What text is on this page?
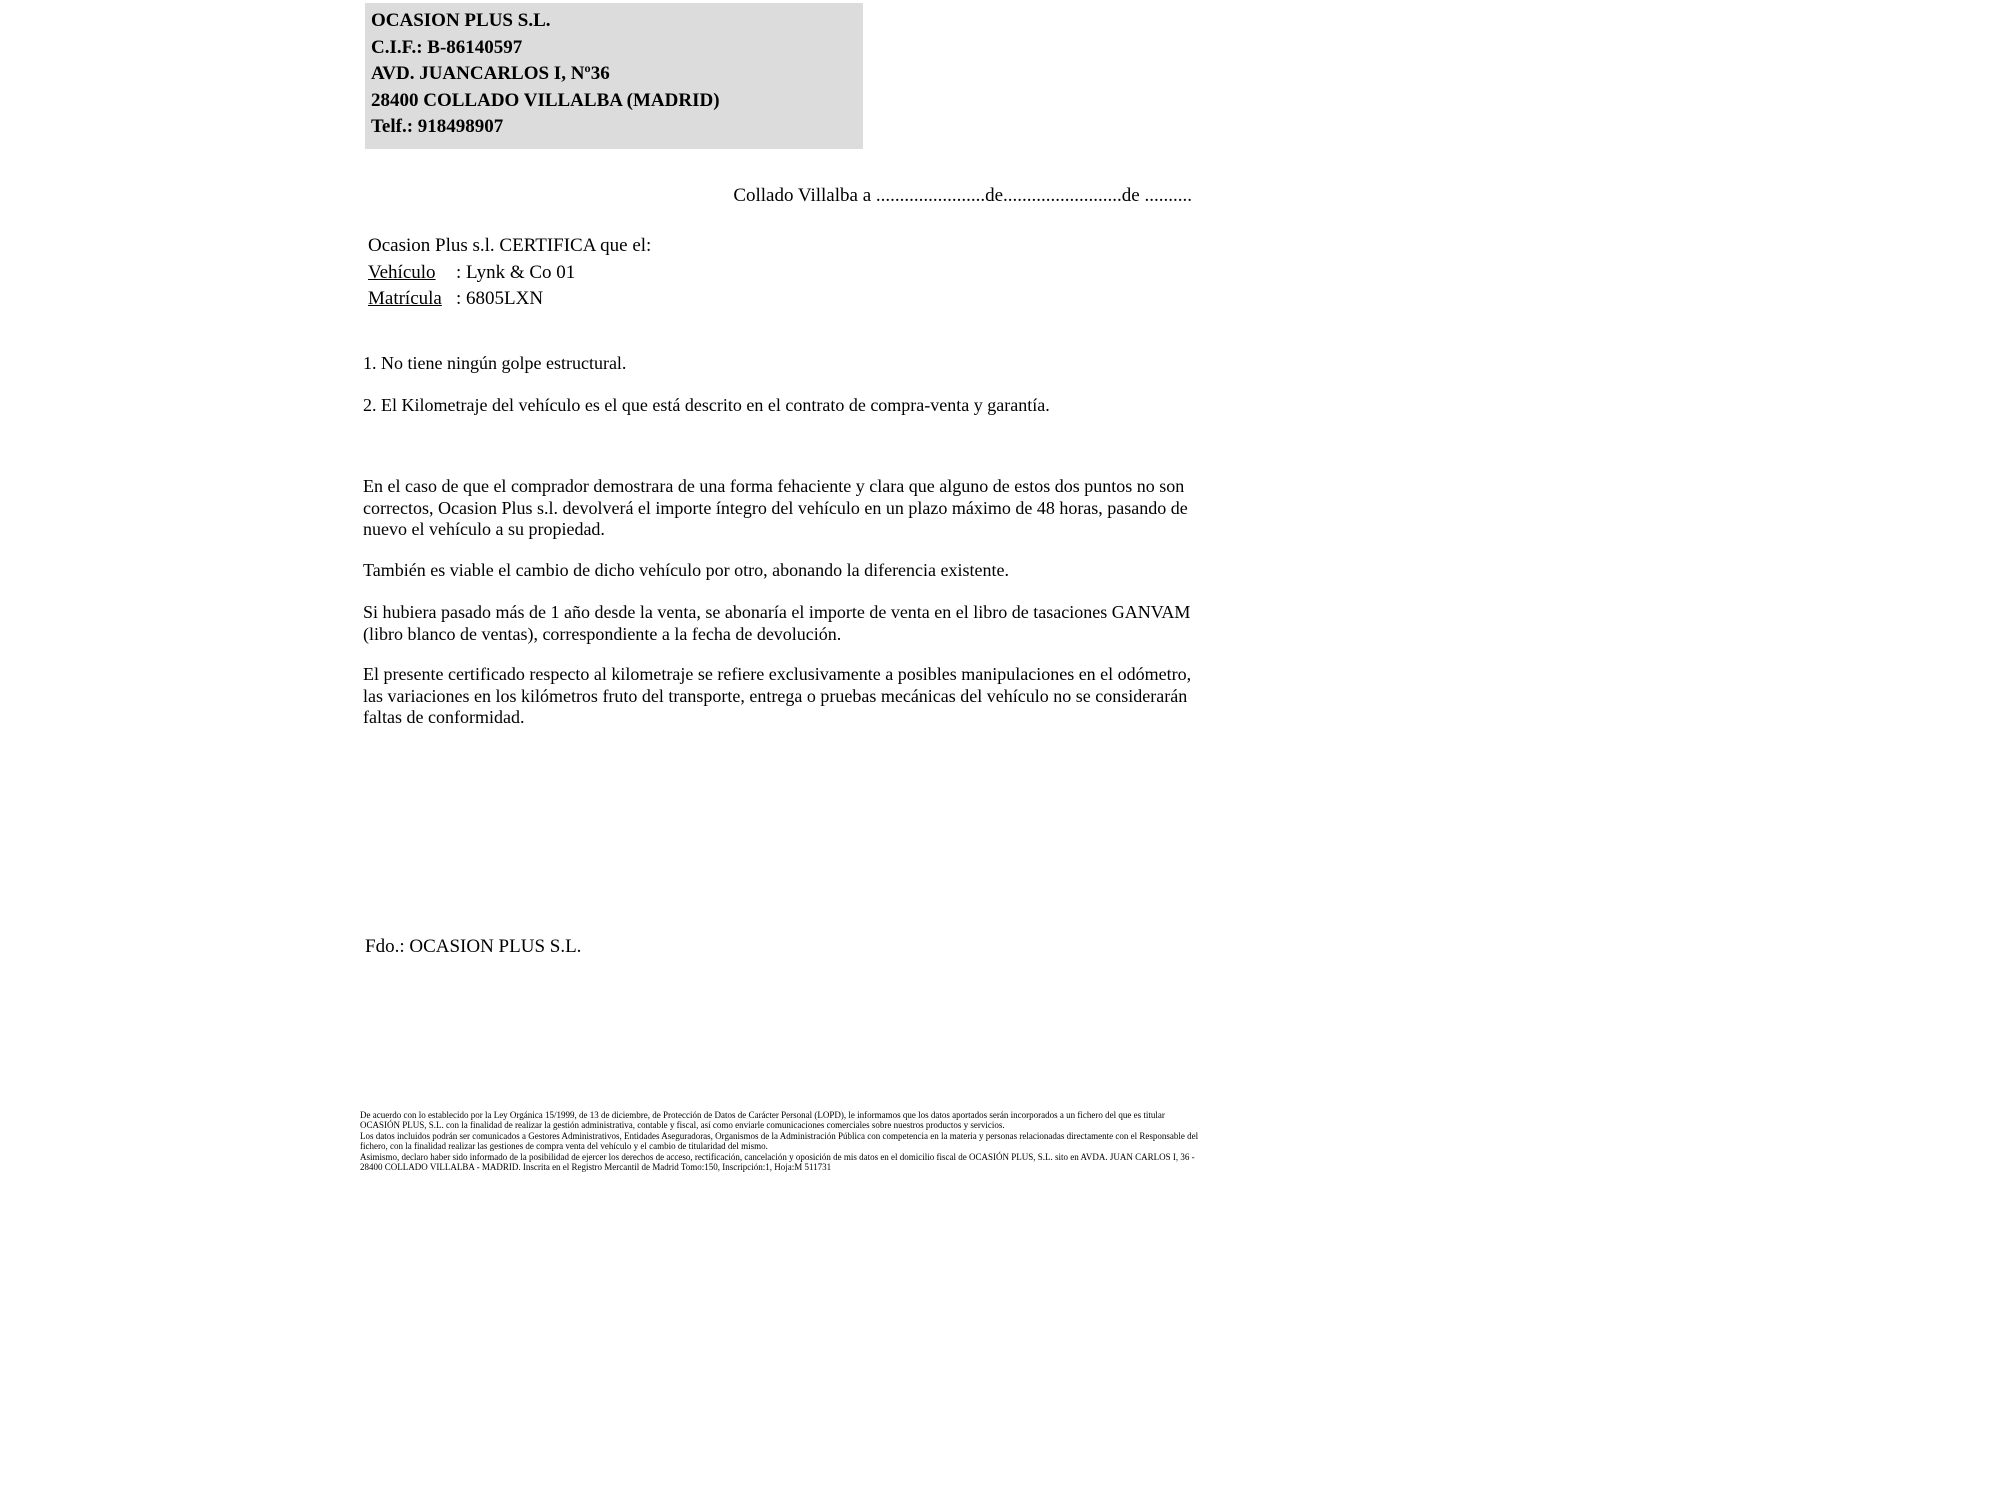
OCASION PLUS S.L.
C.I.F.: B-86140597
AVD. JUANCARLOS I, Nº36
28400 COLLADO VILLALBA (MADRID)
Telf.: 918498907
Collado Villalba a .......................de.........................de ..........
Ocasion Plus s.l. CERTIFICA que el:
Vehículo : Lynk & Co 01
Matrícula : 6805LXN
1. No tiene ningún golpe estructural.
2. El Kilometraje del vehículo es el que está descrito en el contrato de compra-venta y garantía.
En el caso de que el comprador demostrara de una forma fehaciente y clara que alguno de estos dos puntos no son correctos, Ocasion Plus s.l. devolverá el importe íntegro del vehículo en un plazo máximo de 48 horas, pasando de nuevo el vehículo a su propiedad.
También es viable el cambio de dicho vehículo por otro, abonando la diferencia existente.
Si hubiera pasado más de 1 año desde la venta, se abonaría el importe de venta en el libro de tasaciones GANVAM (libro blanco de ventas), correspondiente a la fecha de devolución.
El presente certificado respecto al kilometraje se refiere exclusivamente a posibles manipulaciones en el odómetro, las variaciones en los kilómetros fruto del transporte, entrega o pruebas mecánicas del vehículo no se considerarán faltas de conformidad.
Fdo.: OCASION PLUS S.L.
De acuerdo con lo establecido por la Ley Orgánica 15/1999, de 13 de diciembre, de Protección de Datos de Carácter Personal (LOPD), le informamos que los datos aportados serán incorporados a un fichero del que es titular OCASIÓN PLUS, S.L. con la finalidad de realizar la gestión administrativa, contable y fiscal, así como enviarle comunicaciones comerciales sobre nuestros productos y servicios.
Los datos incluidos podrán ser comunicados a Gestores Administrativos, Entidades Aseguradoras, Organismos de la Administración Pública con competencia en la materia y personas relacionadas directamente con el Responsable del fichero, con la finalidad realizar las gestiones de compra venta del vehículo y el cambio de titularidad del mismo.
Asimismo, declaro haber sido informado de la posibilidad de ejercer los derechos de acceso, rectificación, cancelación y oposición de mis datos en el domicilio fiscal de OCASIÓN PLUS, S.L. sito en AVDA. JUAN CARLOS I, 36 - 28400 COLLADO VILLALBA - MADRID. Inscrita en el Registro Mercantil de Madrid Tomo:150, Inscripción:1, Hoja:M 511731
